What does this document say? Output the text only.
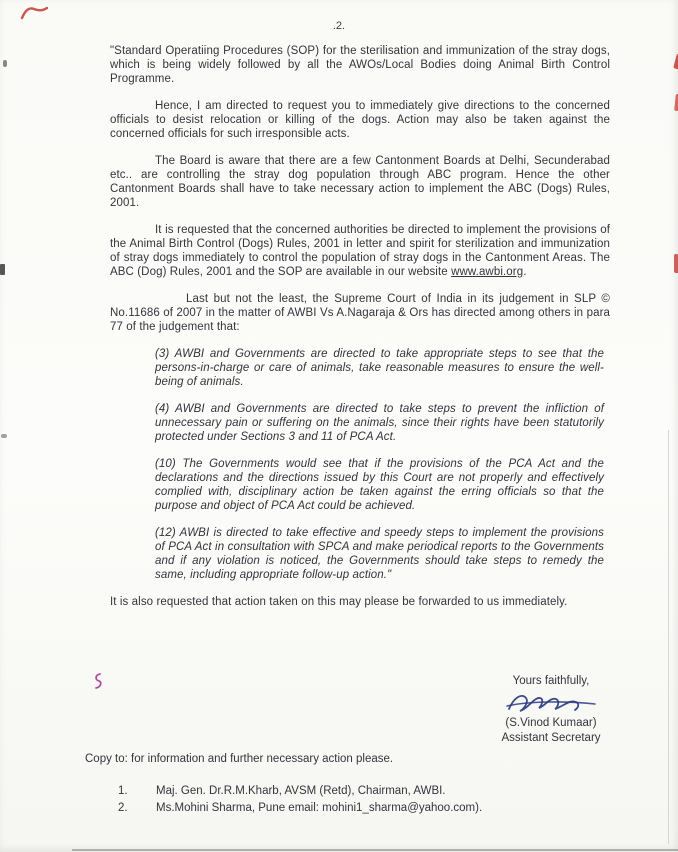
.2.

"Standard Operatiing Procedures (SOP) for the sterilisation and immunization of the stray dogs, which is being widely followed by all the AWOs/Local Bodies doing Animal Birth Control Programme.

Hence, I am directed to request you to immediately give directions to the concerned officials to desist relocation or killing of the dogs. Action may also be taken against the concerned officials for such irresponsible acts.

The Board is aware that there are a few Cantonment Boards at Delhi, Secunderabad etc.. are controlling the stray dog population through ABC program. Hence the other Cantonment Boards shall have to take necessary action to implement the ABC (Dogs) Rules, 2001.

It is requested that the concerned authorities be directed to implement the provisions of the Animal Birth Control (Dogs) Rules, 2001 in letter and spirit for sterilization and immunization of stray dogs immediately to control the population of stray dogs in the Cantonment Areas. The ABC (Dog) Rules, 2001 and the SOP are available in our website www.awbi.org.

Last but not the least, the Supreme Court of India in its judgement in SLP © No.11686 of 2007 in the matter of AWBI Vs A.Nagaraja & Ors has directed among others in para 77 of the judgement that:

(3) AWBI and Governments are directed to take appropriate steps to see that the persons-in-charge or care of animals, take reasonable measures to ensure the well-being of animals.

(4) AWBI and Governments are directed to take steps to prevent the infliction of unnecessary pain or suffering on the animals, since their rights have been statutorily protected under Sections 3 and 11 of PCA Act.

(10) The Governments would see that if the provisions of the PCA Act and the declarations and the directions issued by this Court are not properly and effectively complied with, disciplinary action be taken against the erring officials so that the purpose and object of PCA Act could be achieved.

(12) AWBI is directed to take effective and speedy steps to implement the provisions of PCA Act in consultation with SPCA and make periodical reports to the Governments and if any violation is noticed, the Governments should take steps to remedy the same, including appropriate follow-up action."

It is also requested that action taken on this may please be forwarded to us immediately.

Yours faithfully,
(S.Vinod Kumaar)
Assistant Secretary
Copy to: for information and further necessary action please.
1. Maj. Gen. Dr.R.M.Kharb, AVSM (Retd), Chairman, AWBI.
2. Ms.Mohini Sharma, Pune email: mohini1_sharma@yahoo.com).
